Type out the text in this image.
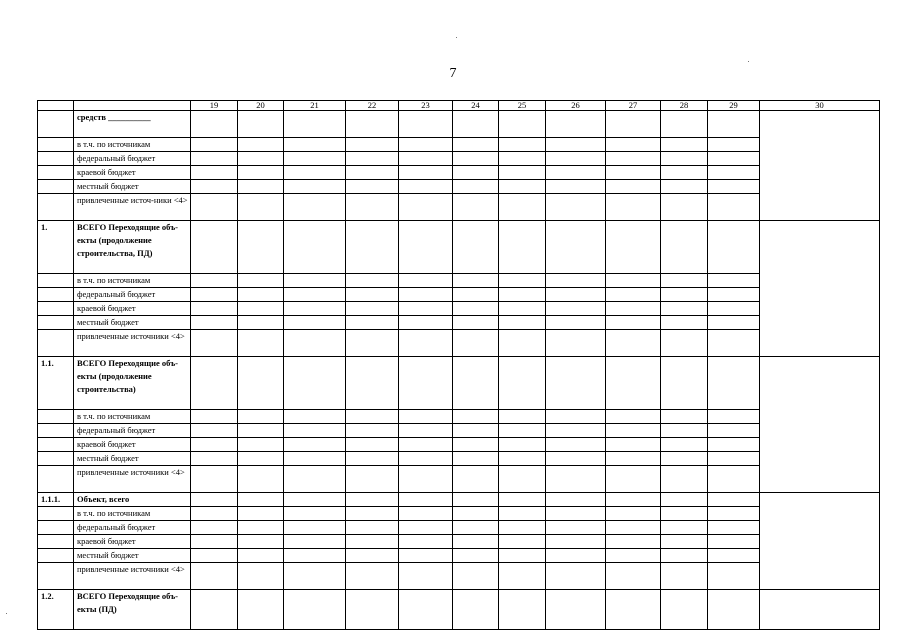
7
		19	20	21	22	23	24	25	26	27	28	29	30
	средств __________												
	в т.ч. по источникам												
	федеральный бюджет												
	краевой бюджет												
	местный бюджет												
	привлеченные источ-ники <4>												
1.	ВСЕГО Переходящие объ-екты (продолжение строительства, ПД)												
	в т.ч. по источникам												
	федеральный бюджет												
	краевой бюджет												
	местный бюджет												
	привлеченные источники <4>												
1.1.	ВСЕГО Переходящие объ-екты (продолжение строительства)												
	в т.ч. по источникам												
	федеральный бюджет												
	краевой бюджет												
	местный бюджет												
	привлеченные источники <4>												
1.1.1.	Объект, всего												
	в т.ч. по источникам												
	федеральный бюджет												
	краевой бюджет												
	местный бюджет												
	привлеченные источники <4>												
1.2.	ВСЕГО Переходящие объ-екты (ПД)												
